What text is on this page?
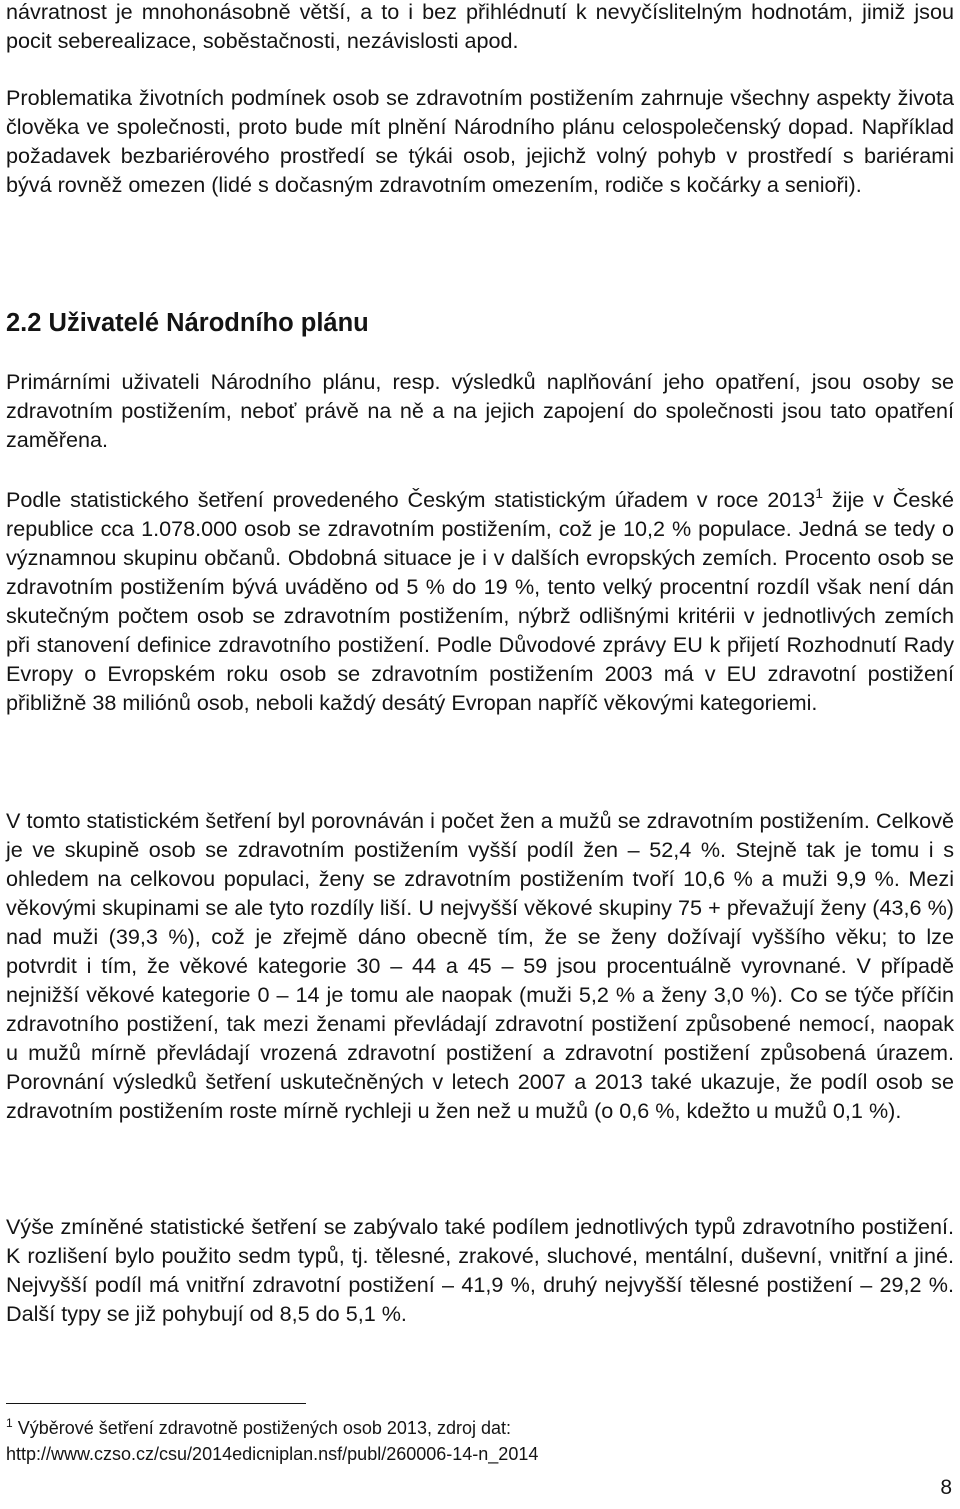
návratnost je mnohonásobně větší, a to i bez přihlédnutí k nevyčíslitelným hodnotám, jimiž jsou pocit seberealizace, soběstačnosti, nezávislosti apod.

Problematika životních podmínek osob se zdravotním postižením zahrnuje všechny aspekty života člověka ve společnosti, proto bude mít plnění Národního plánu celospolečenský dopad. Například požadavek bezbariérového prostředí se týkái osob, jejichž volný pohyb v prostředí s bariérami bývá rovněž omezen (lidé s dočasným zdravotním omezením, rodiče s kočárky a senioři).

2.2 Uživatelé Národního plánu

Primárními uživateli Národního plánu, resp. výsledků naplňování jeho opatření, jsou osoby se zdravotním postižením, neboť právě na ně a na jejich zapojení do společnosti jsou tato opatření zaměřena.

Podle statistického šetření provedeného Českým statistickým úřadem v roce 2013$^1$ žije v České republice cca 1.078.000 osob se zdravotním postižením, což je 10,2 % populace. Jedná se tedy o významnou skupinu občanů. Obdobná situace je i v dalších evropských zemích. Procento osob se zdravotním postižením bývá uváděno od 5 % do 19 %, tento velký procentní rozdíl však není dán skutečným počtem osob se zdravotním postižením, nýbrž odlišnými kritérii v jednotlivých zemích při stanovení definice zdravotního postižení. Podle Důvodové zprávy EU k přijetí Rozhodnutí Rady Evropy o Evropském roku osob se zdravotním postižením 2003 má v EU zdravotní postižení přibližně 38 miliónů osob, neboli každý desátý Evropan napříč věkovými kategoriemi.

V tomto statistickém šetření byl porovnáván i počet žen a mužů se zdravotním postižením. Celkově je ve skupině osob se zdravotním postižením vyšší podíl žen – 52,4 %. Stejně tak je tomu i s ohledem na celkovou populaci, ženy se zdravotním postižením tvoří 10,6 % a muži 9,9 %. Mezi věkovými skupinami se ale tyto rozdíly liší. U nejvyšší věkové skupiny 75 + převažují ženy (43,6 %) nad muži (39,3 %), což je zřejmě dáno obecně tím, že se ženy dožívají vyššího věku; to lze potvrdit i tím, že věkové kategorie 30 – 44 a 45 – 59 jsou procentuálně vyrovnané. V případě nejnižší věkové kategorie 0 – 14 je tomu ale naopak (muži 5,2 % a ženy 3,0 %). Co se týče příčin zdravotního postižení, tak mezi ženami převládají zdravotní postižení způsobené nemocí, naopak u mužů mírně převládají vrozená zdravotní postižení a zdravotní postižení způsobená úrazem. Porovnání výsledků šetření uskutečněných v letech 2007 a 2013 také ukazuje, že podíl osob se zdravotním postižením roste mírně rychleji u žen než u mužů (o 0,6 %, kdežto u mužů 0,1 %).

Výše zmíněné statistické šetření se zabývalo také podílem jednotlivých typů zdravotního postižení. K rozlišení bylo použito sedm typů, tj. tělesné, zrakové, sluchové, mentální, duševní, vnitřní a jiné. Nejvyšší podíl má vnitřní zdravotní postižení – 41,9 %, druhý nejvyšší tělesné postižení – 29,2 %. Další typy se již pohybují od 8,5 do 5,1 %.

$^1$ Výběrové šetření zdravotně postižených osob 2013, zdroj dat:
http://www.czso.cz/csu/2014edicniplan.nsf/publ/260006-14-n_2014
8
